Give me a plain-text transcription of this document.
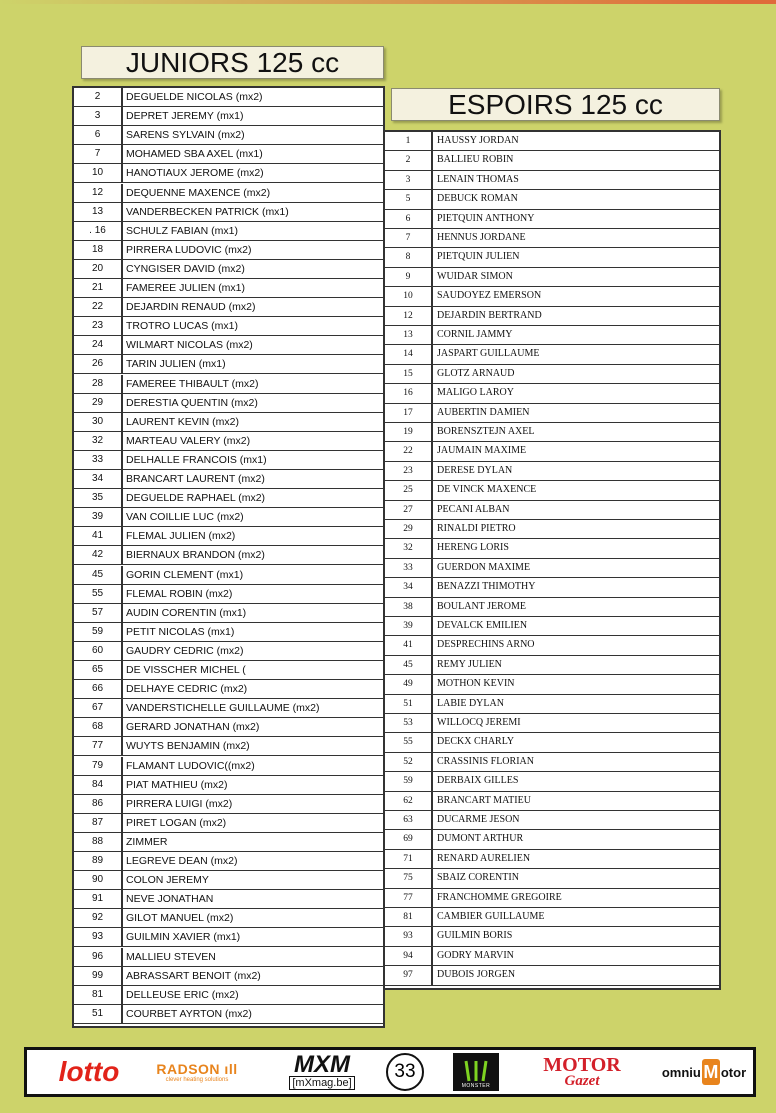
JUNIORS 125 cc
ESPOIRS 125 cc
2	DEGUELDE NICOLAS (mx2)
3	DEPRET JEREMY (mx1)
6	SARENS SYLVAIN (mx2)
7	MOHAMED SBA AXEL (mx1)
10	HANOTIAUX JEROME (mx2)
12	DEQUENNE MAXENCE (mx2)
13	VANDERBECKEN PATRICK (mx1)
. 16	SCHULZ FABIAN (mx1)
18	PIRRERA LUDOVIC (mx2)
20	CYNGISER DAVID (mx2)
21	FAMEREE JULIEN (mx1)
22	DEJARDIN RENAUD (mx2)
23	TROTRO LUCAS (mx1)
24	WILMART NICOLAS (mx2)
26	TARIN JULIEN (mx1)
28	FAMEREE THIBAULT (mx2)
29	DERESTIA QUENTIN (mx2)
30	LAURENT KEVIN (mx2)
32	MARTEAU VALERY (mx2)
33	DELHALLE FRANCOIS (mx1)
34	BRANCART LAURENT (mx2)
35	DEGUELDE RAPHAEL (mx2)
39	VAN COILLIE LUC (mx2)
41	FLEMAL JULIEN (mx2)
42	BIERNAUX BRANDON (mx2)
45	GORIN CLEMENT (mx1)
55	FLEMAL ROBIN (mx2)
57	AUDIN CORENTIN (mx1)
59	PETIT NICOLAS (mx1)
60	GAUDRY CEDRIC (mx2)
65	DE VISSCHER MICHEL (
66	DELHAYE CEDRIC (mx2)
67	VANDERSTICHELLE GUILLAUME (mx2)
68	GERARD JONATHAN (mx2)
77	WUYTS BENJAMIN (mx2)
79	FLAMANT LUDOVIC((mx2)
84	PIAT MATHIEU (mx2)
86	PIRRERA LUIGI (mx2)
87	PIRET LOGAN (mx2)
88	ZIMMER
89	LEGREVE DEAN (mx2)
90	COLON JEREMY
91	NEVE JONATHAN
92	GILOT MANUEL (mx2)
93	GUILMIN XAVIER (mx1)
96	MALLIEU STEVEN
99	ABRASSART BENOIT (mx2)
81	DELLEUSE ERIC (mx2)
51	COURBET AYRTON (mx2)
1	HAUSSY JORDAN
2	BALLIEU ROBIN
3	LENAIN THOMAS
5	DEBUCK ROMAN
6	PIETQUIN ANTHONY
7	HENNUS JORDANE
8	PIETQUIN JULIEN
9	WUIDAR SIMON
10	SAUDOYEZ EMERSON
12	DEJARDIN BERTRAND
13	CORNIL JAMMY
14	JASPART GUILLAUME
15	GLOTZ ARNAUD
16	MALIGO LAROY
17	AUBERTIN DAMIEN
19	BORENSZTEJN AXEL
22	JAUMAIN MAXIME
23	DERESE DYLAN
25	DE VINCK MAXENCE
27	PECANI ALBAN
29	RINALDI PIETRO
32	HERENG LORIS
33	GUERDON MAXIME
34	BENAZZI THIMOTHY
38	BOULANT JEROME
39	DEVALCK EMILIEN
41	DESPRECHINS ARNO
45	REMY JULIEN
49	MOTHON KEVIN
51	LABIE DYLAN
53	WILLOCQ JEREMI
55	DECKX CHARLY
52	CRASSINIS FLORIAN
59	DERBAIX GILLES
62	BRANCART MATIEU
63	DUCARME JESON
69	DUMONT ARTHUR
71	RENARD AURELIEN
75	SBAIZ CORENTIN
77	FRANCHOMME GREGOIRE
81	CAMBIER GUILLAUME
93	GUILMIN BORIS
94	GODRY MARVIN
97	DUBOIS JORGEN
lotto	RADSON ıll
clever heating solutions
MXM
[mXmag.be]
33
MONSTER
MOTOR
Gazet
omniu M otor
